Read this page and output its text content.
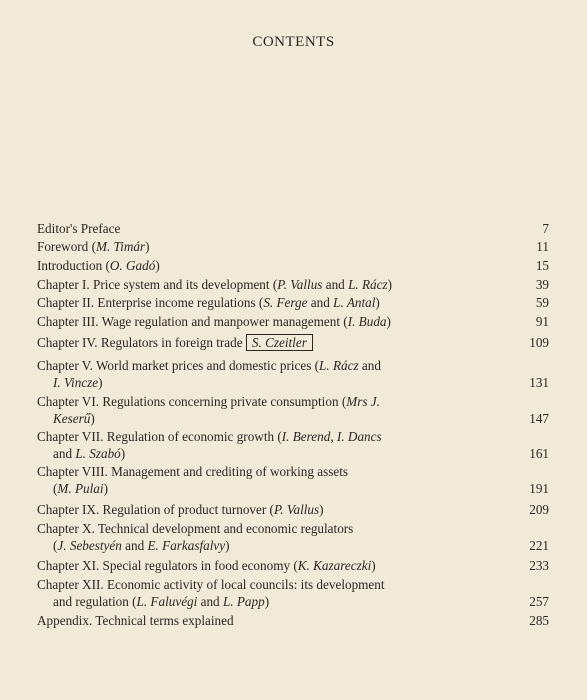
CONTENTS
Editor's Preface	7
Foreword (M. Timár)	11
Introduction (O. Gadó)	15
Chapter I. Price system and its development (P. Vallus and L. Rácz)	39
Chapter II. Enterprise income regulations (S. Ferge and L. Antal)	59
Chapter III. Wage regulation and manpower management (I. Buda)	91
Chapter IV. Regulators in foreign trade S. Czeitler	109
Chapter V. World market prices and domestic prices (L. Rácz and
I. Vincze)	131
Chapter VI. Regulations concerning private consumption (Mrs J.
Keserű)	147
Chapter VII. Regulation of economic growth (I. Berend, I. Dancs
and L. Szabó)	161
Chapter VIII. Management and crediting of working assets
(M. Pulai)	191
Chapter IX. Regulation of product turnover (P. Vallus)	209
Chapter X. Technical development and economic regulators
(J. Sebestyén and E. Farkasfalvy)	221
Chapter XI. Special regulators in food economy (K. Kazareczki)	233
Chapter XII. Economic activity of local councils: its development
and regulation (L. Faluvégi and L. Papp)	257
Appendix. Technical terms explained	285
